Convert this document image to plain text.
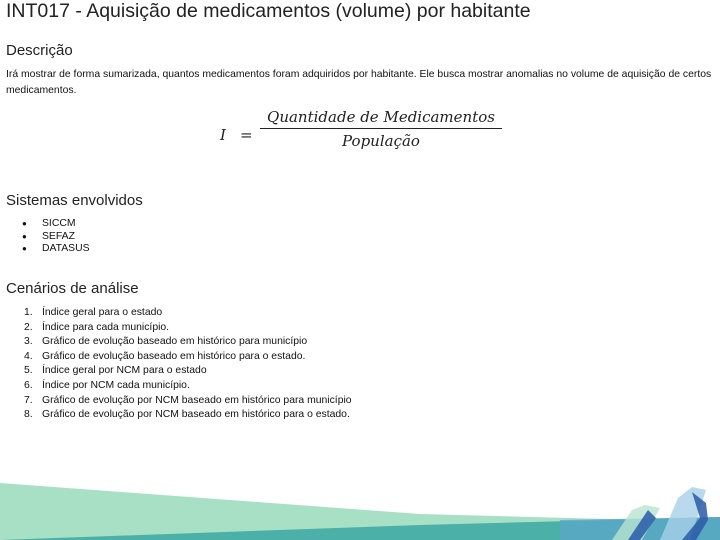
INT017 - Aquisição de medicamentos (volume) por habitante
Descrição
Irá mostrar de forma sumarizada, quantos medicamentos foram adquiridos por habitante. Ele busca mostrar anomalias no volume de aquisição de certos medicamentos.
I =
Quantidade de Medicamentos
População
Sistemas envolvidos
● SICCM
● SEFAZ
● DATASUS
Cenários de análise
1. Índice geral para o estado
2. Índice para cada município.
3. Gráfico de evolução baseado em histórico para município
4. Gráfico de evolução baseado em histórico para o estado.
5. Índice geral por NCM para o estado
6. Índice por NCM cada município.
7. Gráfico de evolução por NCM baseado em histórico para município
8. Gráfico de evolução por NCM baseado em histórico para o estado.
